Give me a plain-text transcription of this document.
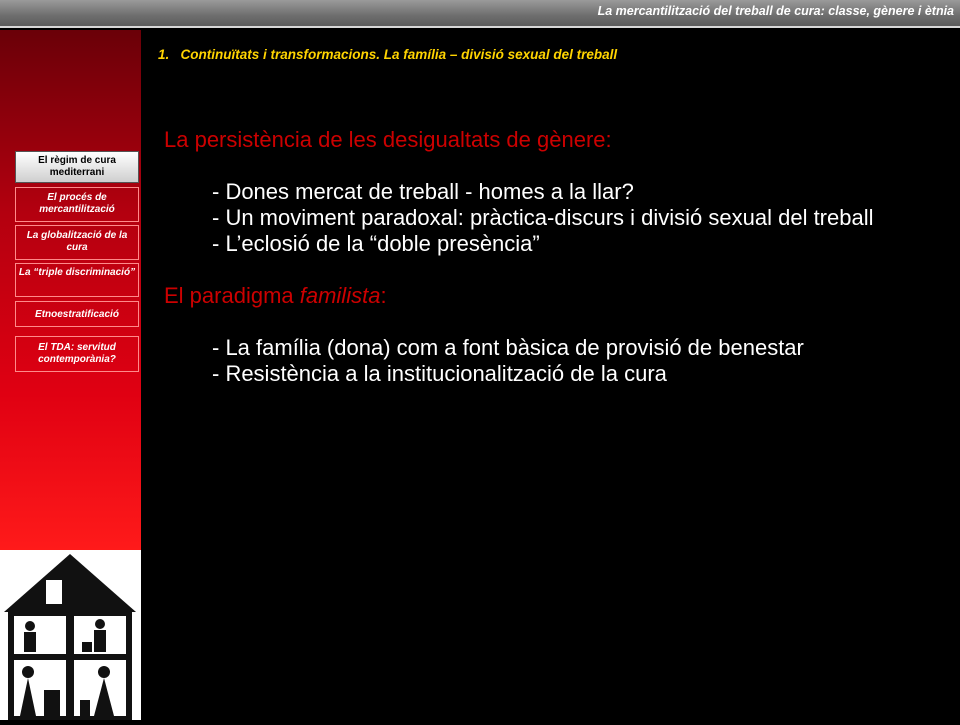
La mercantilització del treball de cura: classe, gènere i ètnia
El règim de cura mediterrani
El procés de mercantilització
La globalització de la cura
La “triple discriminació”
Etnoestratificació
El TDA: servitud contemporània?
1. Continuïtats i transformacions. La família – divisió sexual del treball
La persistència de les desigualtats de gènere:
- Dones mercat de treball - homes a la llar?
- Un moviment paradoxal: pràctica-discurs i divisió sexual del treball
- L’eclosió de la “doble presència”
El paradigma familista:
- La família (dona) com a font bàsica de provisió de benestar
- Resistència a la institucionalització de la cura
